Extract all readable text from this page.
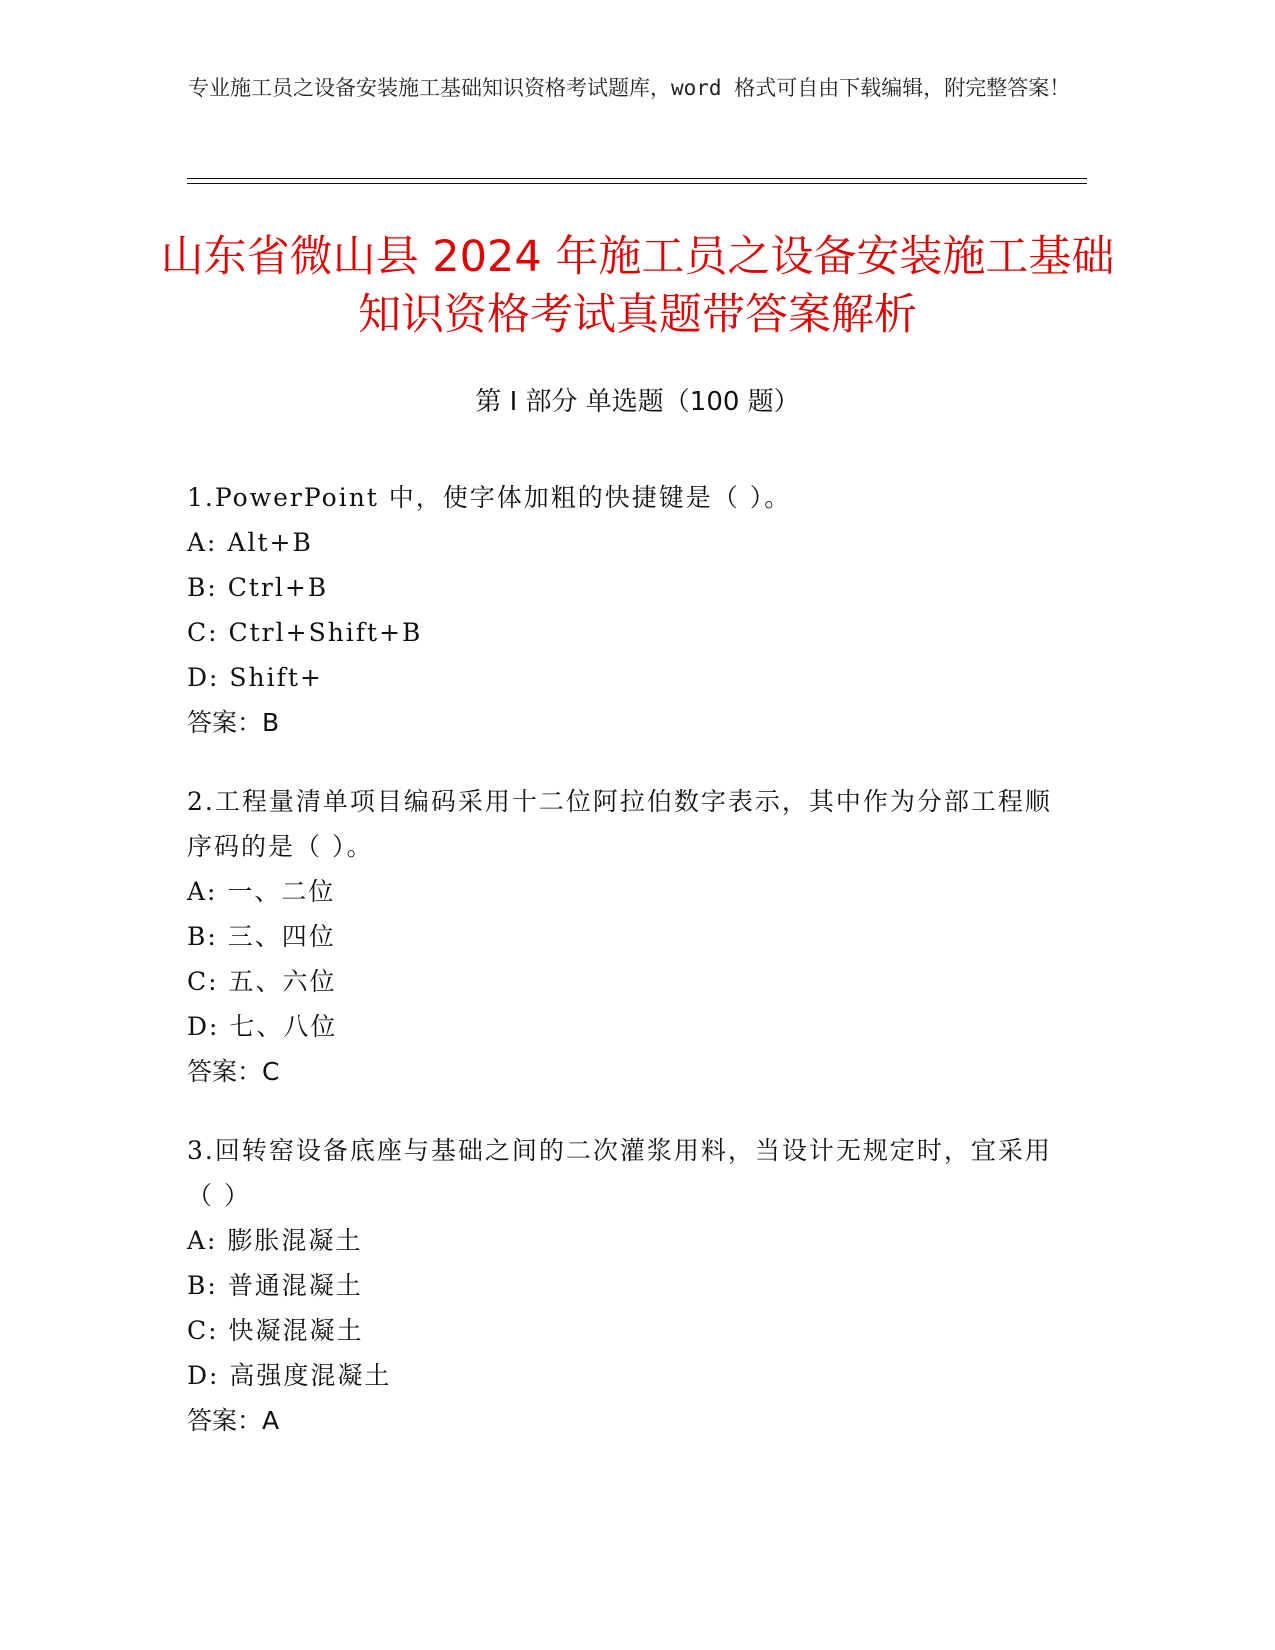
专业施工员之设备安装施工基础知识资格考试题库，word 格式可自由下载编辑，附完整答案！
山东省微山县 2024 年施工员之设备安装施工基础知识资格考试真题带答案解析
第 I 部分 单选题（100 题）
1.PowerPoint 中，使字体加粗的快捷键是（ ）。
A: Alt+B
B: Ctrl+B
C: Ctrl+Shift+B
D: Shift+
答案：B
2.工程量清单项目编码采用十二位阿拉伯数字表示，其中作为分部工程顺序码的是（ ）。
A: 一、二位
B: 三、四位
C: 五、六位
D: 七、八位
答案：C
3.回转窑设备底座与基础之间的二次灌浆用料，当设计无规定时，宜采用（ ）
A: 膨胀混凝土
B: 普通混凝土
C: 快凝混凝土
D: 高强度混凝土
答案：A
